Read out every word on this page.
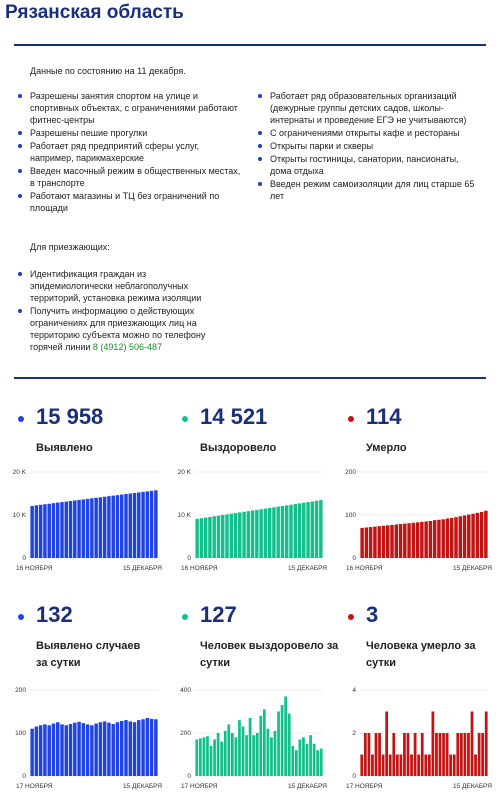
Рязанская область
Данные по состоянию на 11 декабря.
Разрешены занятия спортом на улице и спортивных объектах, с ограничениями работают фитнес-центры
Разрешены пешие прогулки
Работает ряд предприятий сферы услуг, например, парикмахерские
Введен масочный режим в общественных местах, в транспорте
Работают магазины и ТЦ без ограничений по площади
Работает ряд образовательных организаций (дежурные группы детских садов, школы-интернаты и проведение ЕГЭ не учитываются)
С ограничениями открыты кафе и рестораны
Открыты парки и скверы
Открыты гостиницы, санатории, пансионаты, дома отдыха
Введен режим самоизоляции для лиц старше 65 лет
Для приезжающих:
Идентификация граждан из эпидемиологически неблагополучных территорий, установка режима изоляции
Получить информацию о действующих ограничениях для приезжающих лиц на территорию субъекта можно по телефону горячей линии 8 (4912) 506-487
15 958
Выявлено
14 521
Выздоровело
114
Умерло
132
Выявлено случаев за сутки
127
Человек выздоровело за сутки
3
Человека умерло за сутки
0
10 K
20 K
16 НОЯБРЯ	15 ДЕКАБРЯ
0
10 K
20 K
16 НОЯБРЯ	15 ДЕКАБРЯ
0
100
200
16 НОЯБРЯ	15 ДЕКАБРЯ
0
100
200
17 НОЯБРЯ	15 ДЕКАБРЯ
0
200
400
17 НОЯБРЯ	15 ДЕКАБРЯ
0
2
4
17 НОЯБРЯ	15 ДЕКАБРЯ
